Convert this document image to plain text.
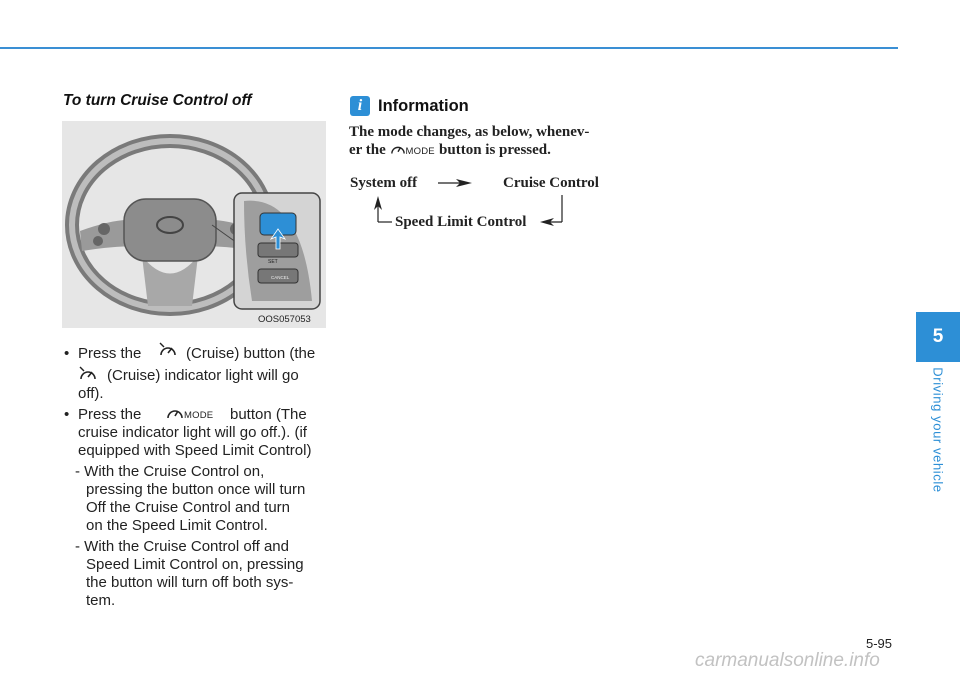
To turn Cruise Control off
SET
CANCEL
OOS057053
• Press the	(Cruise) button (the
(Cruise) indicator light will go
off).
• Press the	MODE button (The
cruise indicator light will go off.). (if
equipped with Speed Limit Control)
- With the Cruise Control on,
pressing the button once will turn
Off the Cruise Control and turn
on the Speed Limit Control.
- With the Cruise Control off and
Speed Limit Control on, pressing
the button will turn off both sys-
tem.
i Information
The mode changes, as below, whenev-
er the MODE button is pressed.
System off	Cruise Control
Speed Limit Control
5
Driving your vehicle
5-95
carmanualsonline.info
